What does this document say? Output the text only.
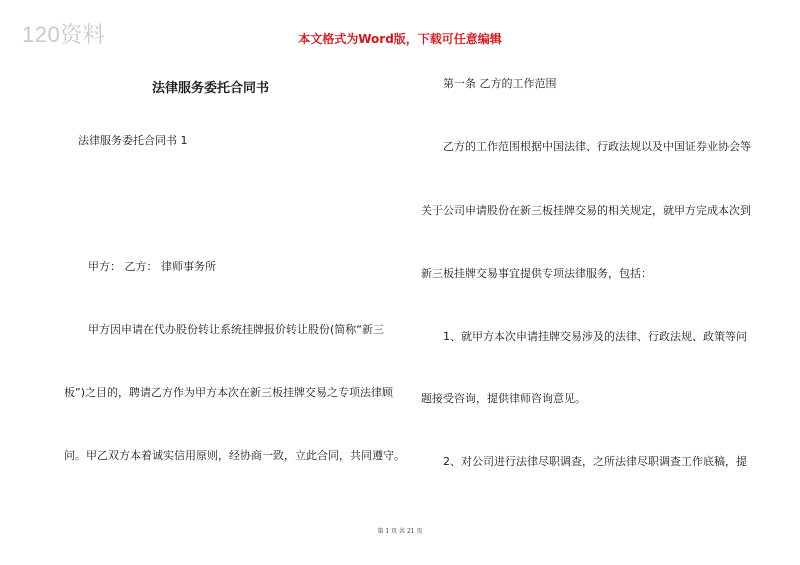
120资料	本文格式为Word版，下载可任意编辑
法律服务委托合同书
法律服务委托合同书 1
甲方： 乙方： 律师事务所
甲方因申请在代办股份转让系统挂牌报价转让股份(简称“新三
板”)之目的，聘请乙方作为甲方本次在新三板挂牌交易之专项法律顾
问。甲乙双方本着诚实信用原则，经协商一致，立此合同，共同遵守。
第一条 乙方的工作范围
乙方的工作范围根据中国法律、行政法规以及中国证券业协会等
关于公司申请股份在新三板挂牌交易的相关规定，就甲方完成本次到
新三板挂牌交易事宜提供专项法律服务，包括：
1、就甲方本次申请挂牌交易涉及的法律、行政法规、政策等问
题接受咨询，提供律师咨询意见。
2、对公司进行法律尽职调查，之所法律尽职调查工作底稿，提
第 1 页 共 21 页
